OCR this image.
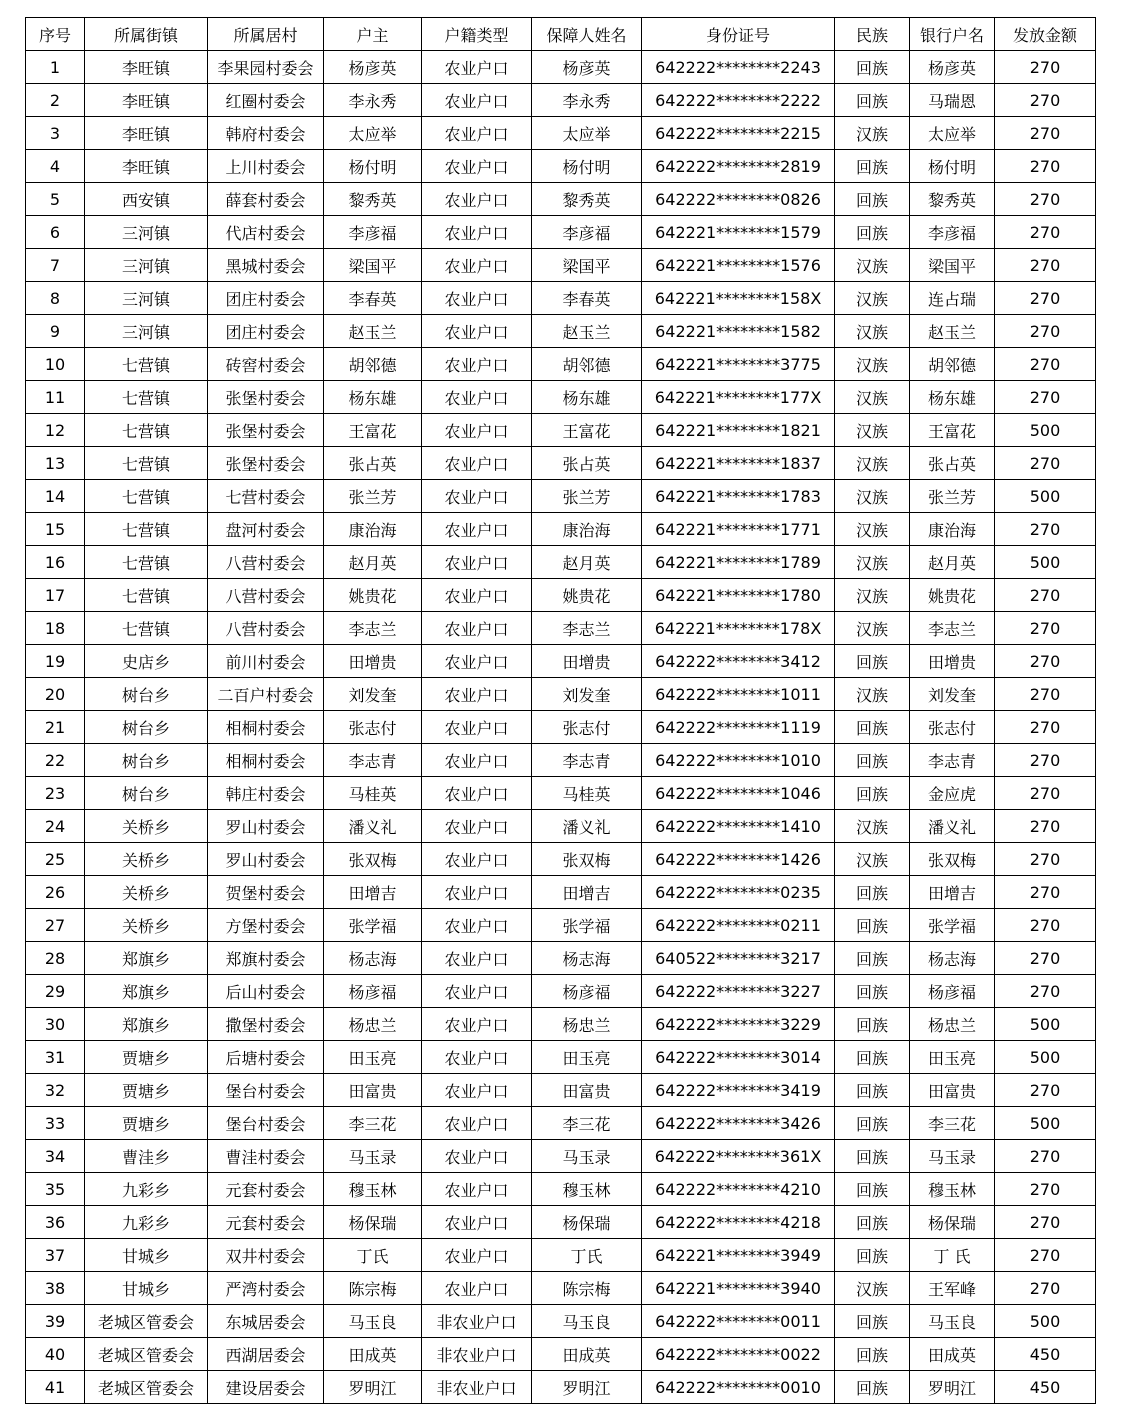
序号	所属街镇	所属居村	户主	户籍类型	保障人姓名	身份证号	民族	银行户名	发放金额
1	李旺镇	李果园村委会	杨彦英	农业户口	杨彦英	642222********2243	回族	杨彦英	270
2	李旺镇	红圈村委会	李永秀	农业户口	李永秀	642222********2222	回族	马瑞恩	270
3	李旺镇	韩府村委会	太应举	农业户口	太应举	642222********2215	汉族	太应举	270
4	李旺镇	上川村委会	杨付明	农业户口	杨付明	642222********2819	回族	杨付明	270
5	西安镇	薛套村委会	黎秀英	农业户口	黎秀英	642222********0826	回族	黎秀英	270
6	三河镇	代店村委会	李彦福	农业户口	李彦福	642221********1579	回族	李彦福	270
7	三河镇	黑城村委会	梁国平	农业户口	梁国平	642221********1576	汉族	梁国平	270
8	三河镇	团庄村委会	李春英	农业户口	李春英	642221********158X	汉族	连占瑞	270
9	三河镇	团庄村委会	赵玉兰	农业户口	赵玉兰	642221********1582	汉族	赵玉兰	270
10	七营镇	砖窖村委会	胡邻德	农业户口	胡邻德	642221********3775	汉族	胡邻德	270
11	七营镇	张堡村委会	杨东雄	农业户口	杨东雄	642221********177X	汉族	杨东雄	270
12	七营镇	张堡村委会	王富花	农业户口	王富花	642221********1821	汉族	王富花	500
13	七营镇	张堡村委会	张占英	农业户口	张占英	642221********1837	汉族	张占英	270
14	七营镇	七营村委会	张兰芳	农业户口	张兰芳	642221********1783	汉族	张兰芳	500
15	七营镇	盘河村委会	康治海	农业户口	康治海	642221********1771	汉族	康治海	270
16	七营镇	八营村委会	赵月英	农业户口	赵月英	642221********1789	汉族	赵月英	500
17	七营镇	八营村委会	姚贵花	农业户口	姚贵花	642221********1780	汉族	姚贵花	270
18	七营镇	八营村委会	李志兰	农业户口	李志兰	642221********178X	汉族	李志兰	270
19	史店乡	前川村委会	田增贵	农业户口	田增贵	642222********3412	回族	田增贵	270
20	树台乡	二百户村委会	刘发奎	农业户口	刘发奎	642222********1011	汉族	刘发奎	270
21	树台乡	相桐村委会	张志付	农业户口	张志付	642222********1119	回族	张志付	270
22	树台乡	相桐村委会	李志青	农业户口	李志青	642222********1010	回族	李志青	270
23	树台乡	韩庄村委会	马桂英	农业户口	马桂英	642222********1046	回族	金应虎	270
24	关桥乡	罗山村委会	潘义礼	农业户口	潘义礼	642222********1410	汉族	潘义礼	270
25	关桥乡	罗山村委会	张双梅	农业户口	张双梅	642222********1426	汉族	张双梅	270
26	关桥乡	贺堡村委会	田增吉	农业户口	田增吉	642222********0235	回族	田增吉	270
27	关桥乡	方堡村委会	张学福	农业户口	张学福	642222********0211	回族	张学福	270
28	郑旗乡	郑旗村委会	杨志海	农业户口	杨志海	640522********3217	回族	杨志海	270
29	郑旗乡	后山村委会	杨彦福	农业户口	杨彦福	642222********3227	回族	杨彦福	270
30	郑旗乡	撒堡村委会	杨忠兰	农业户口	杨忠兰	642222********3229	回族	杨忠兰	500
31	贾塘乡	后塘村委会	田玉亮	农业户口	田玉亮	642222********3014	回族	田玉亮	500
32	贾塘乡	堡台村委会	田富贵	农业户口	田富贵	642222********3419	回族	田富贵	270
33	贾塘乡	堡台村委会	李三花	农业户口	李三花	642222********3426	回族	李三花	500
34	曹洼乡	曹洼村委会	马玉录	农业户口	马玉录	642222********361X	回族	马玉录	270
35	九彩乡	元套村委会	穆玉林	农业户口	穆玉林	642222********4210	回族	穆玉林	270
36	九彩乡	元套村委会	杨保瑞	农业户口	杨保瑞	642222********4218	回族	杨保瑞	270
37	甘城乡	双井村委会	丁氏	农业户口	丁氏	642221********3949	回族	丁 氏	270
38	甘城乡	严湾村委会	陈宗梅	农业户口	陈宗梅	642221********3940	汉族	王军峰	270
39	老城区管委会	东城居委会	马玉良	非农业户口	马玉良	642222********0011	回族	马玉良	500
40	老城区管委会	西湖居委会	田成英	非农业户口	田成英	642222********0022	回族	田成英	450
41	老城区管委会	建设居委会	罗明江	非农业户口	罗明江	642222********0010	回族	罗明江	450
